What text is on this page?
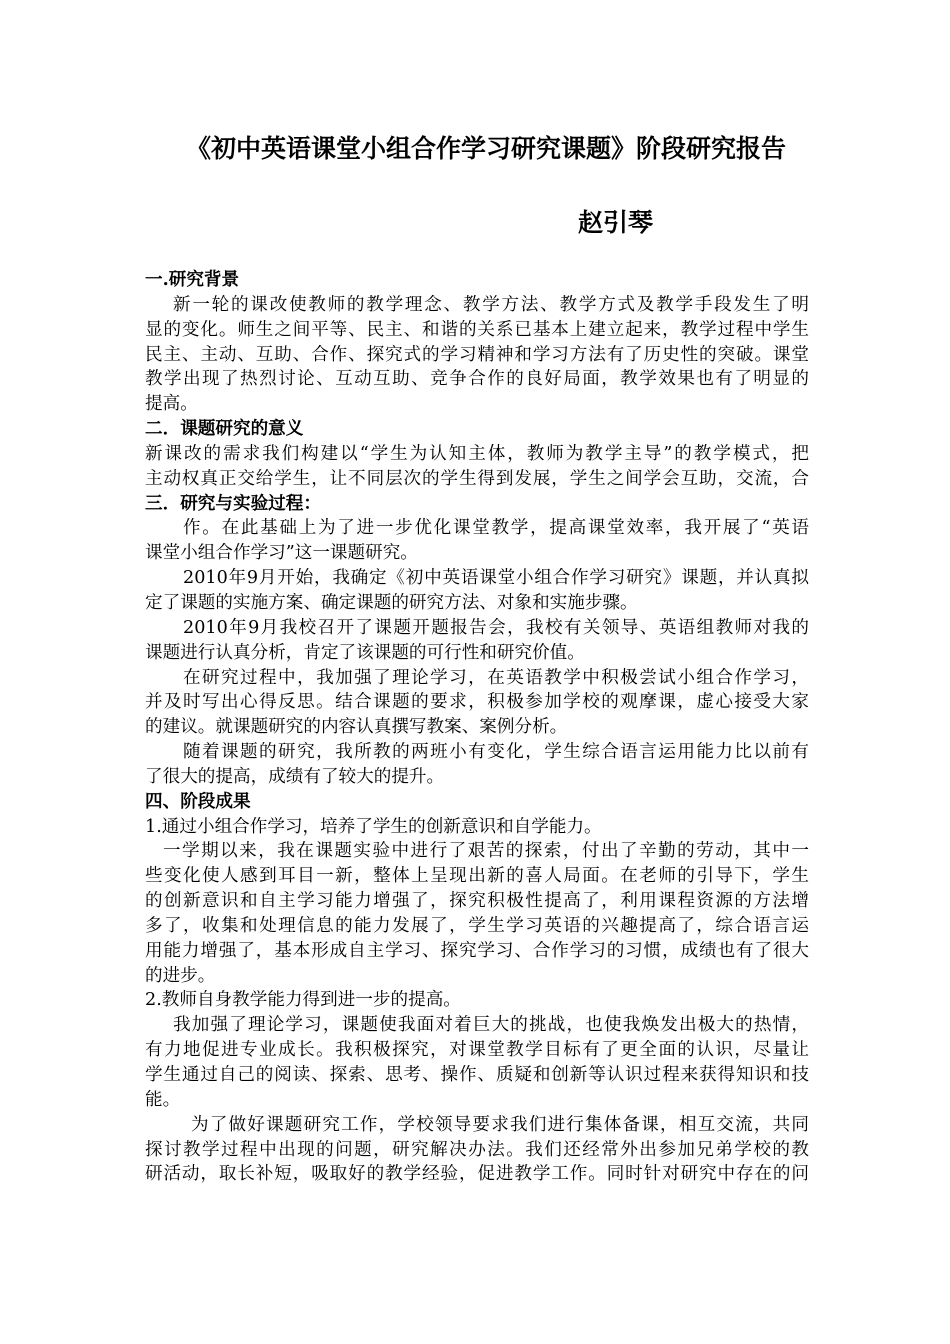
《初中英语课堂小组合作学习研究课题》阶段研究报告
赵引琴
一.研究背景
新一轮的课改使教师的教学理念、教学方法、教学方式及教学手段发生了明
显的变化。师生之间平等、民主、和谐的关系已基本上建立起来，教学过程中学生
民主、主动、互助、合作、探究式的学习精神和学习方法有了历史性的突破。课堂
教学出现了热烈讨论、互动互助、竞争合作的良好局面，教学效果也有了明显的
提高。
二．课题研究的意义
新课改的需求我们构建以“学生为认知主体，教师为教学主导”的教学模式，把
主动权真正交给学生，让不同层次的学生得到发展，学生之间学会互助，交流，合
三．研究与实验过程：
作。在此基础上为了进一步优化课堂教学，提高课堂效率，我开展了“英语
课堂小组合作学习”这一课题研究。
2010年9月开始，我确定《初中英语课堂小组合作学习研究》课题，并认真拟
定了课题的实施方案、确定课题的研究方法、对象和实施步骤。
2010年9月我校召开了课题开题报告会，我校有关领导、英语组教师对我的
课题进行认真分析，肯定了该课题的可行性和研究价值。
在研究过程中，我加强了理论学习，在英语教学中积极尝试小组合作学习，
并及时写出心得反思。结合课题的要求，积极参加学校的观摩课，虚心接受大家
的建议。就课题研究的内容认真撰写教案、案例分析。
随着课题的研究，我所教的两班小有变化，学生综合语言运用能力比以前有
了很大的提高，成绩有了较大的提升。
四、阶段成果
1.通过小组合作学习，培养了学生的创新意识和自学能力。
一学期以来，我在课题实验中进行了艰苦的探索，付出了辛勤的劳动，其中一
些变化使人感到耳目一新，整体上呈现出新的喜人局面。在老师的引导下，学生
的创新意识和自主学习能力增强了，探究积极性提高了，利用课程资源的方法增
多了，收集和处理信息的能力发展了，学生学习英语的兴趣提高了，综合语言运
用能力增强了，基本形成自主学习、探究学习、合作学习的习惯，成绩也有了很大
的进步。
2.教师自身教学能力得到进一步的提高。
我加强了理论学习，课题使我面对着巨大的挑战，也使我焕发出极大的热情，
有力地促进专业成长。我积极探究，对课堂教学目标有了更全面的认识，尽量让
学生通过自己的阅读、探索、思考、操作、质疑和创新等认识过程来获得知识和技
能。
为了做好课题研究工作，学校领导要求我们进行集体备课，相互交流，共同
探讨教学过程中出现的问题，研究解决办法。我们还经常外出参加兄弟学校的教
研活动，取长补短，吸取好的教学经验，促进教学工作。同时针对研究中存在的问
